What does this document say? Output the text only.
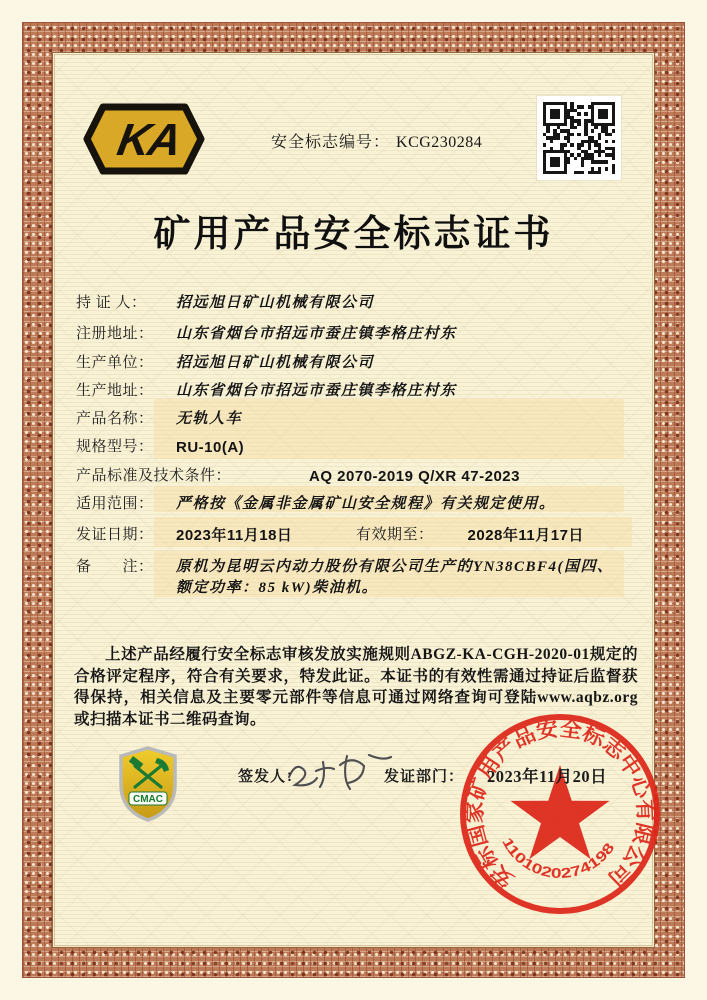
KA	安全标志编号： KCG230284
矿用产品安全标志证书
持 证 人：	招远旭日矿山机械有限公司
注册地址：	山东省烟台市招远市蚕庄镇李格庄村东
生产单位：	招远旭日矿山机械有限公司
生产地址：	山东省烟台市招远市蚕庄镇李格庄村东
产品名称：	无轨人车
规格型号：	RU-10(A)
产品标准及技术条件：	AQ 2070-2019 Q/XR 47-2023
适用范围：	严格按《金属非金属矿山安全规程》有关规定使用。
发证日期：	2023年11月18日	有效期至： 2028年11月17日
备　　注：	原机为昆明云内动力股份有限公司生产的YN38CBF4(国四、额定功率：85 kW)柴油机。
上述产品经履行安全标志审核发放实施规则ABGZ-KA-CGH-2020-01规定的合格评定程序，符合有关要求，特发此证。本证书的有效性需通过持证后监督获得保持，相关信息及主要零元部件等信息可通过网络查询可登陆www.aqbz.org或扫描本证书二维码查询。
CMAC
签发人：	发证部门：
安标国家矿用产品安全标志中心有限公司
1101020274198
2023年11月20日
